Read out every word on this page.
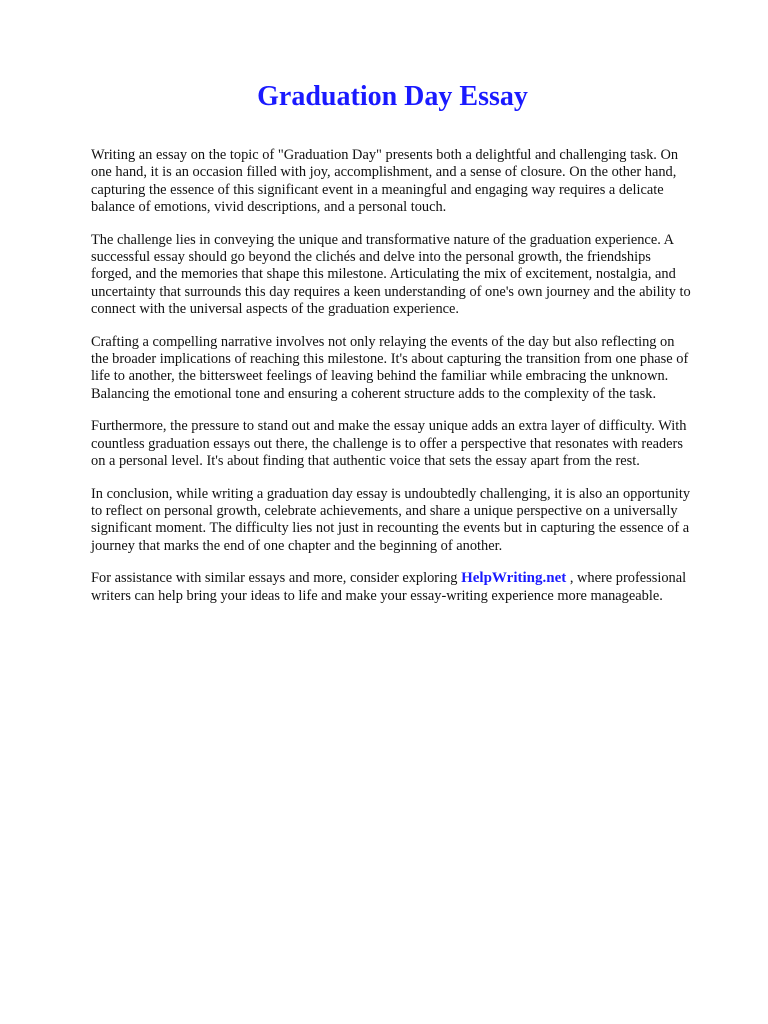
Graduation Day Essay

Writing an essay on the topic of "Graduation Day" presents both a delightful and challenging task. On one hand, it is an occasion filled with joy, accomplishment, and a sense of closure. On the other hand, capturing the essence of this significant event in a meaningful and engaging way requires a delicate balance of emotions, vivid descriptions, and a personal touch.

The challenge lies in conveying the unique and transformative nature of the graduation experience. A successful essay should go beyond the clichés and delve into the personal growth, the friendships forged, and the memories that shape this milestone. Articulating the mix of excitement, nostalgia, and uncertainty that surrounds this day requires a keen understanding of one's own journey and the ability to connect with the universal aspects of the graduation experience.

Crafting a compelling narrative involves not only relaying the events of the day but also reflecting on the broader implications of reaching this milestone. It's about capturing the transition from one phase of life to another, the bittersweet feelings of leaving behind the familiar while embracing the unknown. Balancing the emotional tone and ensuring a coherent structure adds to the complexity of the task.

Furthermore, the pressure to stand out and make the essay unique adds an extra layer of difficulty. With countless graduation essays out there, the challenge is to offer a perspective that resonates with readers on a personal level. It's about finding that authentic voice that sets the essay apart from the rest.

In conclusion, while writing a graduation day essay is undoubtedly challenging, it is also an opportunity to reflect on personal growth, celebrate achievements, and share a unique perspective on a universally significant moment. The difficulty lies not just in recounting the events but in capturing the essence of a journey that marks the end of one chapter and the beginning of another.

For assistance with similar essays and more, consider exploring HelpWriting.net , where professional writers can help bring your ideas to life and make your essay-writing experience more manageable.
